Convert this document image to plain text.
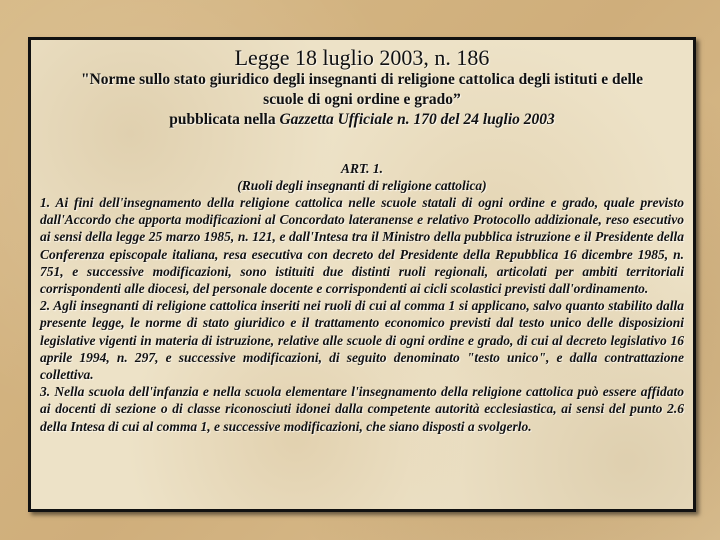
Legge 18 luglio 2003, n. 186
"Norme sullo stato giuridico degli insegnanti di religione cattolica degli istituti e delle scuole di ogni ordine e grado”
pubblicata nella Gazzetta Ufficiale n. 170 del 24 luglio 2003
ART. 1.
(Ruoli degli insegnanti di religione cattolica)
1. Ai fini dell'insegnamento della religione cattolica nelle scuole statali di ogni ordine e grado, quale previsto dall'Accordo che apporta modificazioni al Concordato lateranense e relativo Protocollo addizionale, reso esecutivo ai sensi della legge 25 marzo 1985, n. 121, e dall'Intesa tra il Ministro della pubblica istruzione e il Presidente della Conferenza episcopale italiana, resa esecutiva con decreto del Presidente della Repubblica 16 dicembre 1985, n. 751, e successive modificazioni, sono istituiti due distinti ruoli regionali, articolati per ambiti territoriali corrispondenti alle diocesi, del personale docente e corrispondenti ai cicli scolastici previsti dall'ordinamento.
2. Agli insegnanti di religione cattolica inseriti nei ruoli di cui al comma 1 si applicano, salvo quanto stabilito dalla presente legge, le norme di stato giuridico e il trattamento economico previsti dal testo unico delle disposizioni legislative vigenti in materia di istruzione, relative alle scuole di ogni ordine e grado, di cui al decreto legislativo 16 aprile 1994, n. 297, e successive modificazioni, di seguito denominato "testo unico", e dalla contrattazione collettiva.
3. Nella scuola dell'infanzia e nella scuola elementare l'insegnamento della religione cattolica può essere affidato ai docenti di sezione o di classe riconosciuti idonei dalla competente autorità ecclesiastica, ai sensi del punto 2.6 della Intesa di cui al comma 1, e successive modificazioni, che siano disposti a svolgerlo.
